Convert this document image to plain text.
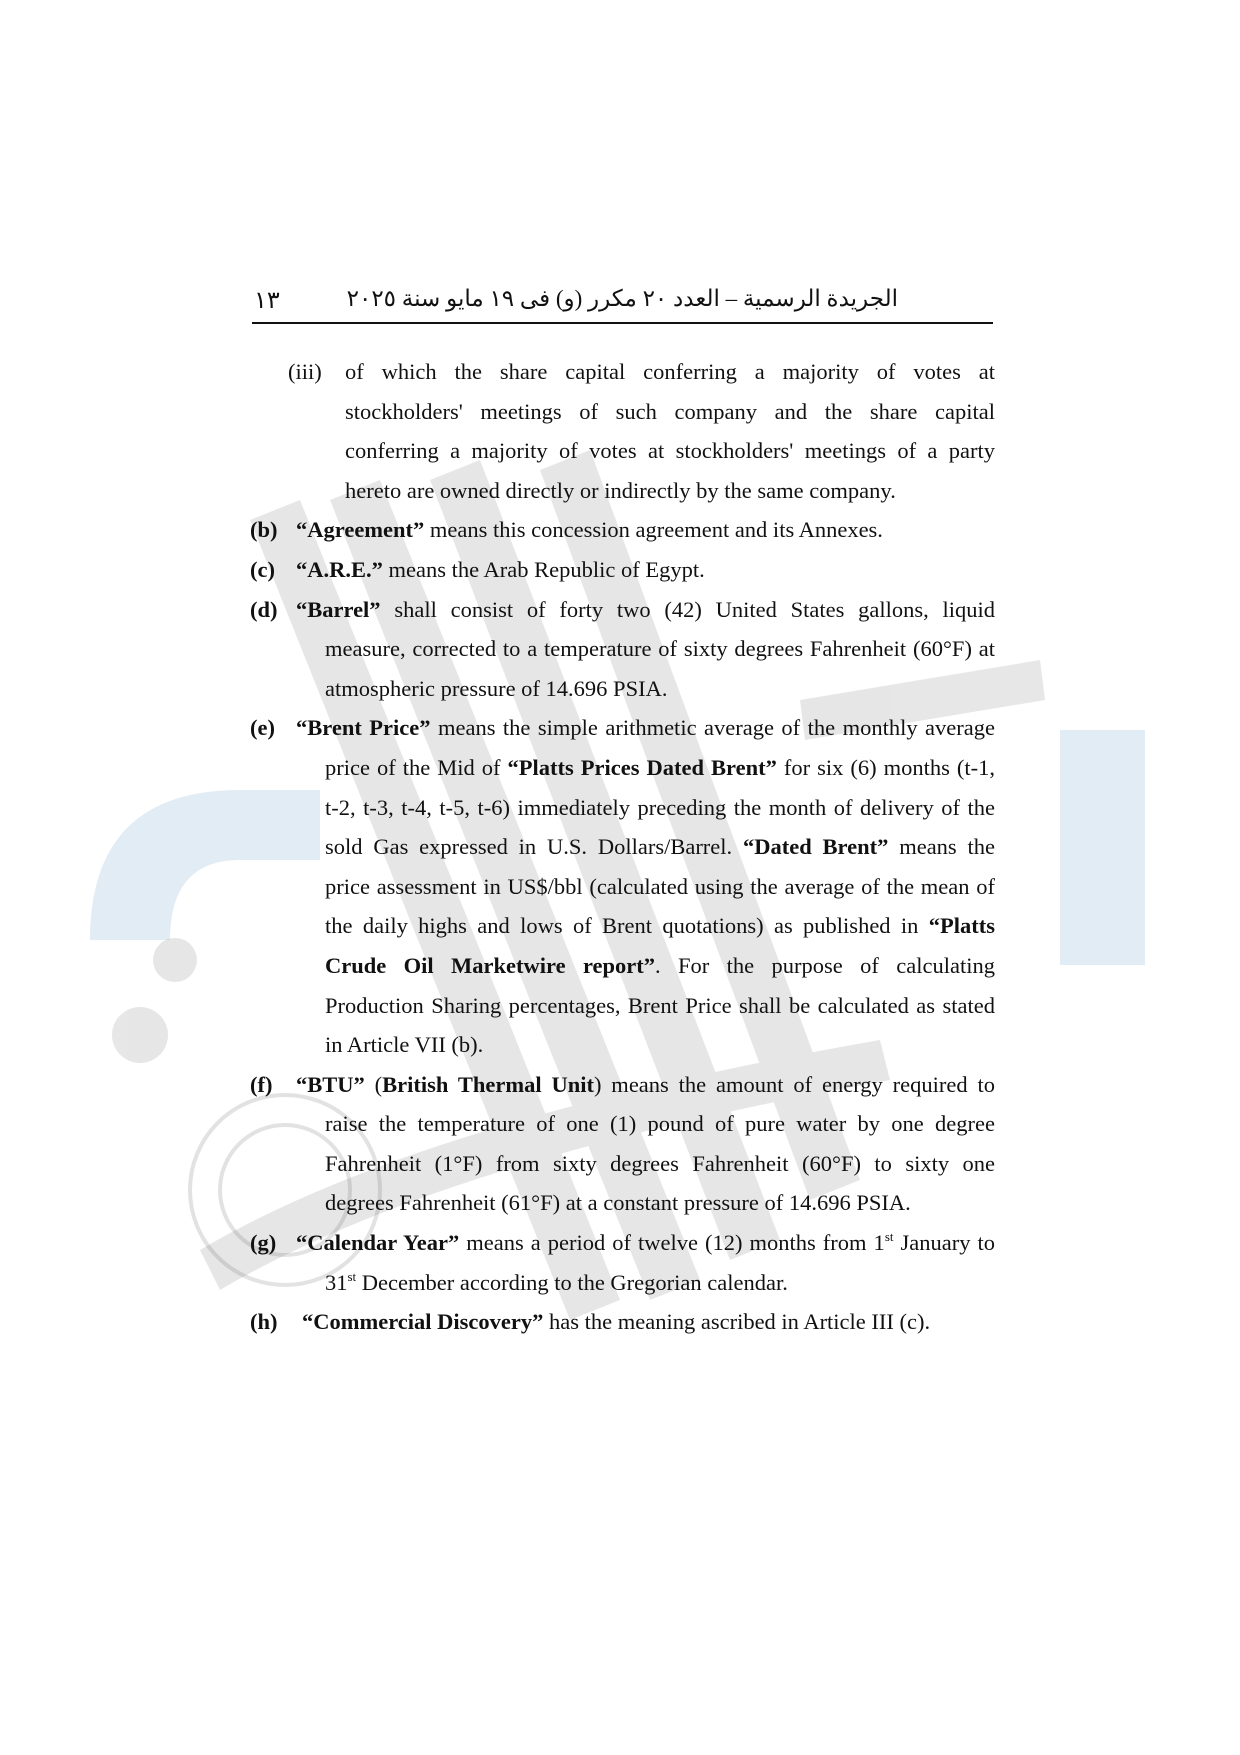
١٣	الجريدة الرسمية – العدد ٢٠ مكرر (و) فى ١٩ مايو سنة ٢٠٢٥
(iii) of which the share capital conferring a majority of votes at stockholders' meetings of such company and the share capital conferring a majority of votes at stockholders' meetings of a party hereto are owned directly or indirectly by the same company.
(b) “Agreement” means this concession agreement and its Annexes.
(c) “A.R.E.” means the Arab Republic of Egypt.
(d) “Barrel” shall consist of forty two (42) United States gallons, liquid measure, corrected to a temperature of sixty degrees Fahrenheit (60°F) at atmospheric pressure of 14.696 PSIA.
(e) “Brent Price” means the simple arithmetic average of the monthly average price of the Mid of “Platts Prices Dated Brent” for six (6) months (t-1, t-2, t-3, t-4, t-5, t-6) immediately preceding the month of delivery of the sold Gas expressed in U.S. Dollars/Barrel. “Dated Brent” means the price assessment in US$/bbl (calculated using the average of the mean of the daily highs and lows of Brent quotations) as published in “Platts Crude Oil Marketwire report”. For the purpose of calculating Production Sharing percentages, Brent Price shall be calculated as stated in Article VII (b).
(f) “BTU” (British Thermal Unit) means the amount of energy required to raise the temperature of one (1) pound of pure water by one degree Fahrenheit (1°F) from sixty degrees Fahrenheit (60°F) to sixty one degrees Fahrenheit (61°F) at a constant pressure of 14.696 PSIA.
(g) “Calendar Year” means a period of twelve (12) months from 1st January to 31st December according to the Gregorian calendar.
(h) “Commercial Discovery” has the meaning ascribed in Article III (c).
